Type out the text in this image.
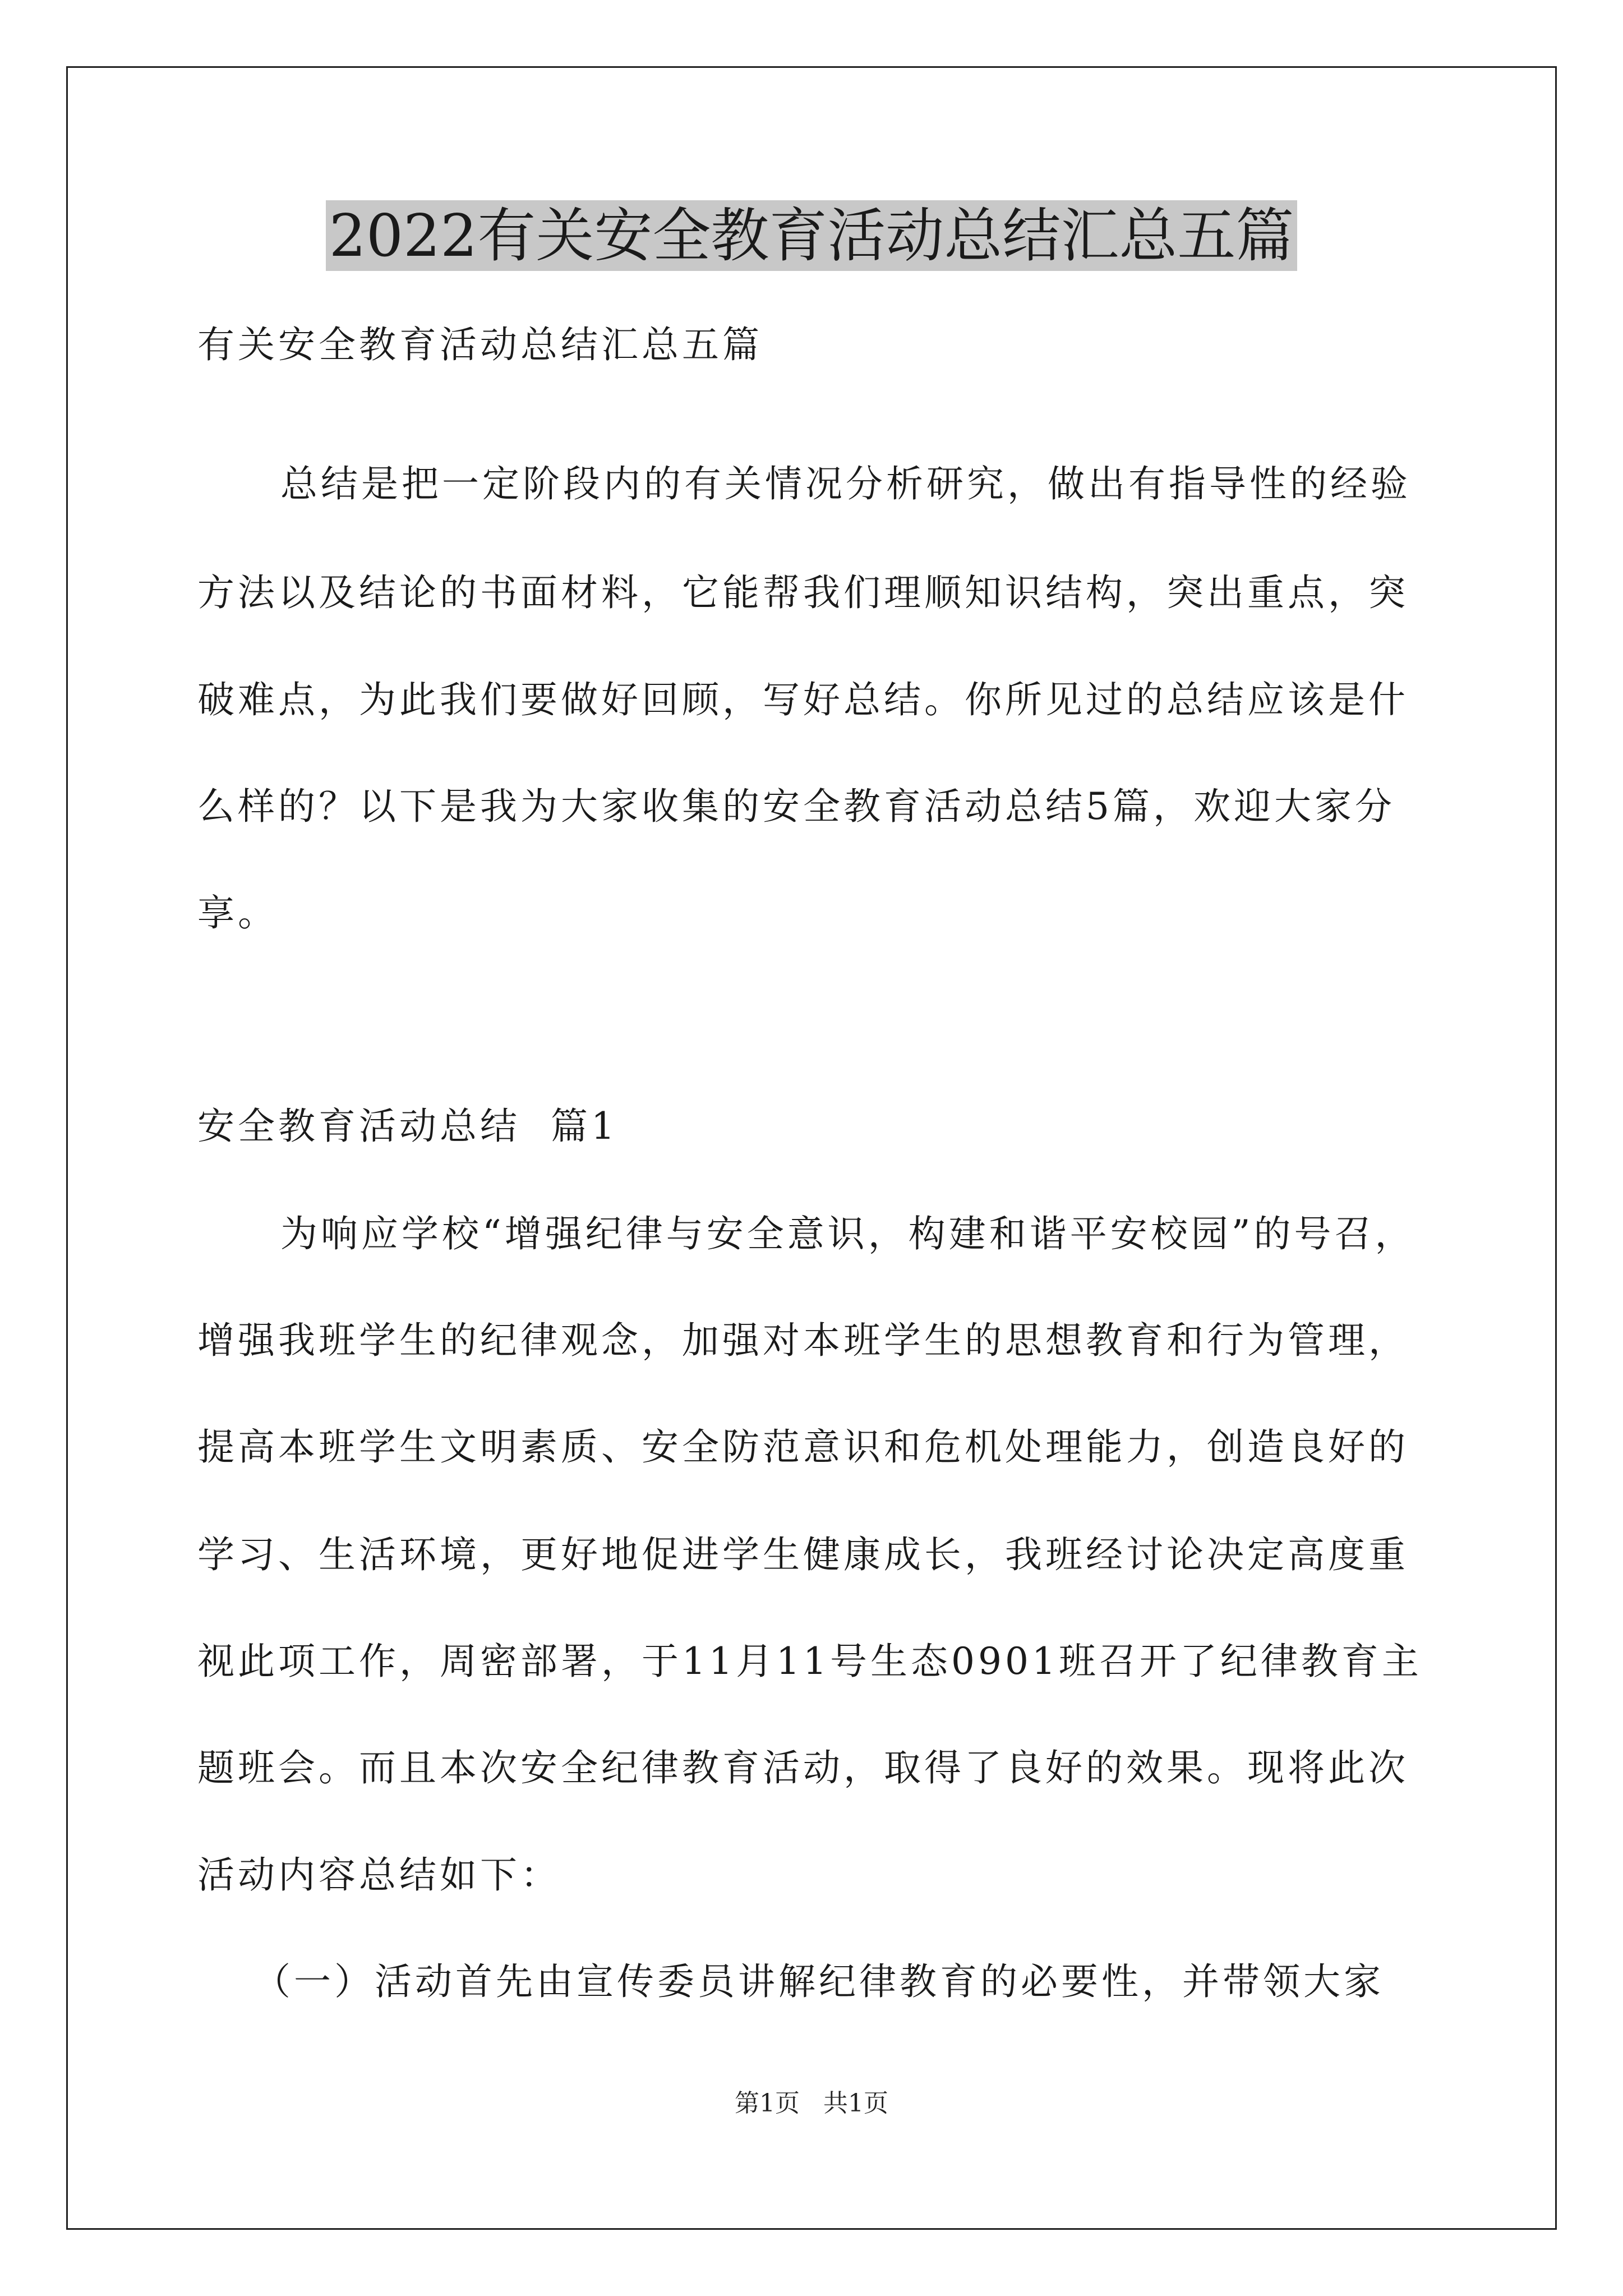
2022有关安全教育活动总结汇总五篇
有关安全教育活动总结汇总五篇
总结是把一定阶段内的有关情况分析研究，做出有指导性的经验
方法以及结论的书面材料，它能帮我们理顺知识结构，突出重点，突
破难点，为此我们要做好回顾，写好总结。你所见过的总结应该是什
么样的？以下是我为大家收集的安全教育活动总结5篇，欢迎大家分
享。
安全教育活动总结  篇1
为响应学校“增强纪律与安全意识，构建和谐平安校园”的号召，
增强我班学生的纪律观念，加强对本班学生的思想教育和行为管理，
提高本班学生文明素质、安全防范意识和危机处理能力，创造良好的
学习、生活环境，更好地促进学生健康成长，我班经讨论决定高度重
视此项工作，周密部署，于11月11号生态0901班召开了纪律教育主
题班会。而且本次安全纪律教育活动，取得了良好的效果。现将此次
活动内容总结如下：
（一）活动首先由宣传委员讲解纪律教育的必要性，并带领大家
第1页   共1页
